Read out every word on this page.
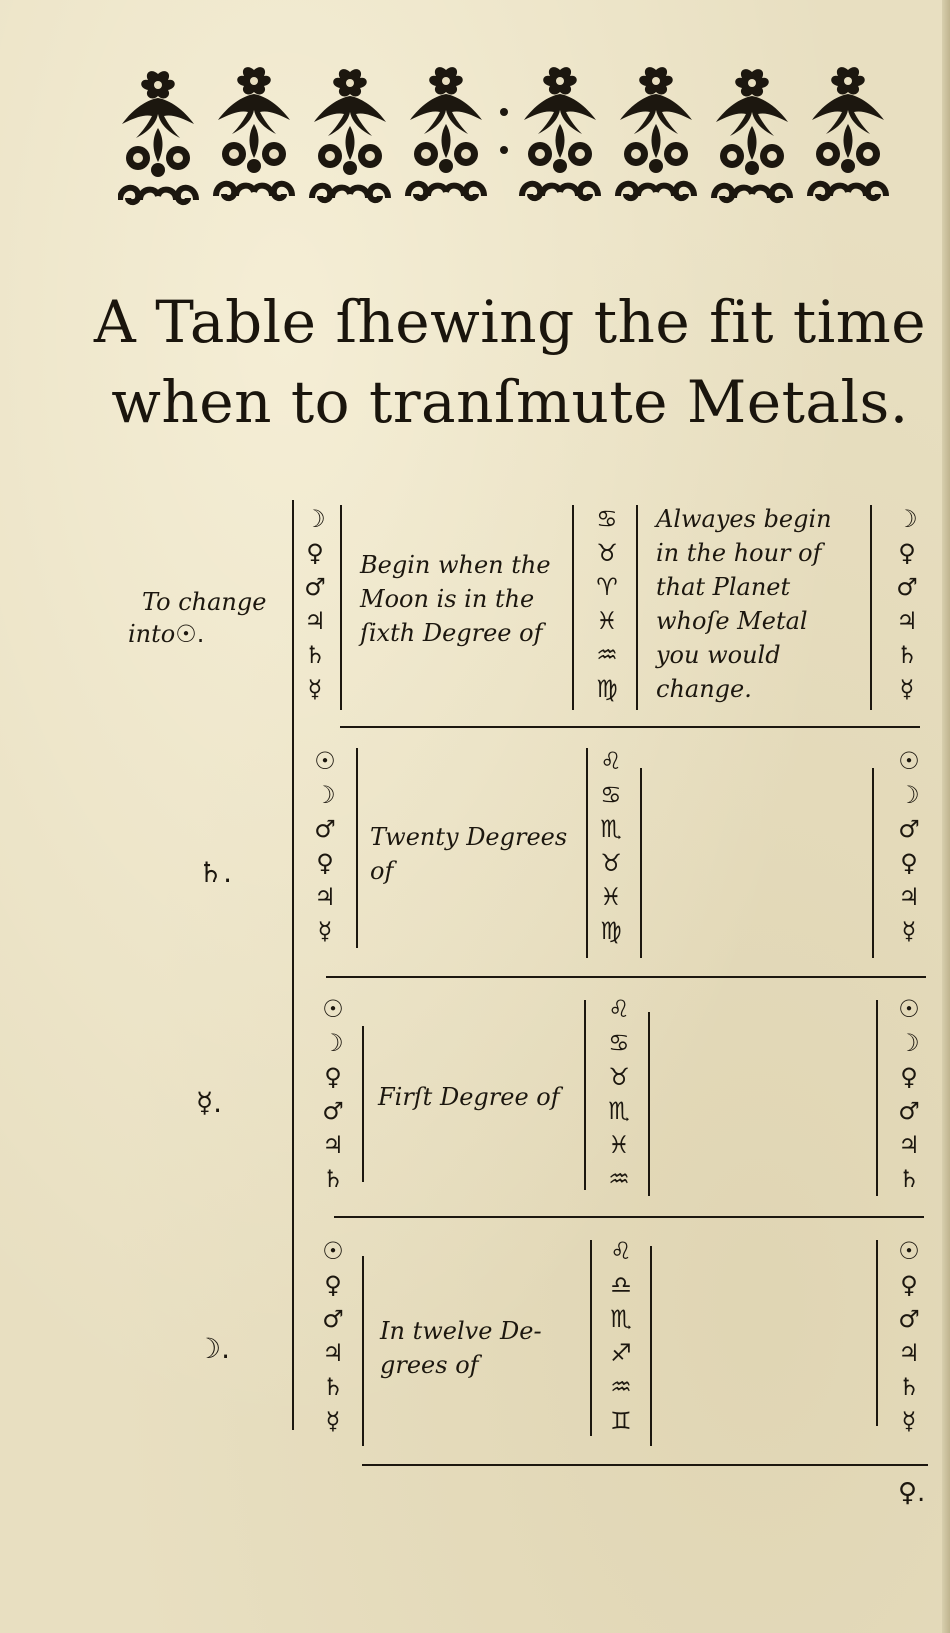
A Table ſhewing the fit time
when to tranſmute Metals.
To change
into☉.
♄.
☿.
☽.
☽
♀
♂
♃
♄
☿
Begin when the
Moon is in the
ſixth Degree of
♋
♉
♈
♓
♒
♍
Alwayes begin
in the hour of
that Planet
whoſe Metal
you would
change.
☽
♀
♂
♃
♄
☿
☉
☽
♂
♀
♃
☿
Twenty Degrees
of
♌
♋
♏
♉
♓
♍
☉
☽
♂
♀
♃
☿
☉
☽
♀
♂
♃
♄
Firſt Degree of
♌
♋
♉
♏
♓
♒
☉
☽
♀
♂
♃
♄
☉
♀
♂
♃
♄
☿
In twelve De-
grees of
♌
♎
♏
♐
♒
♊
☉
♀
♂
♃
♄
☿
♀.
